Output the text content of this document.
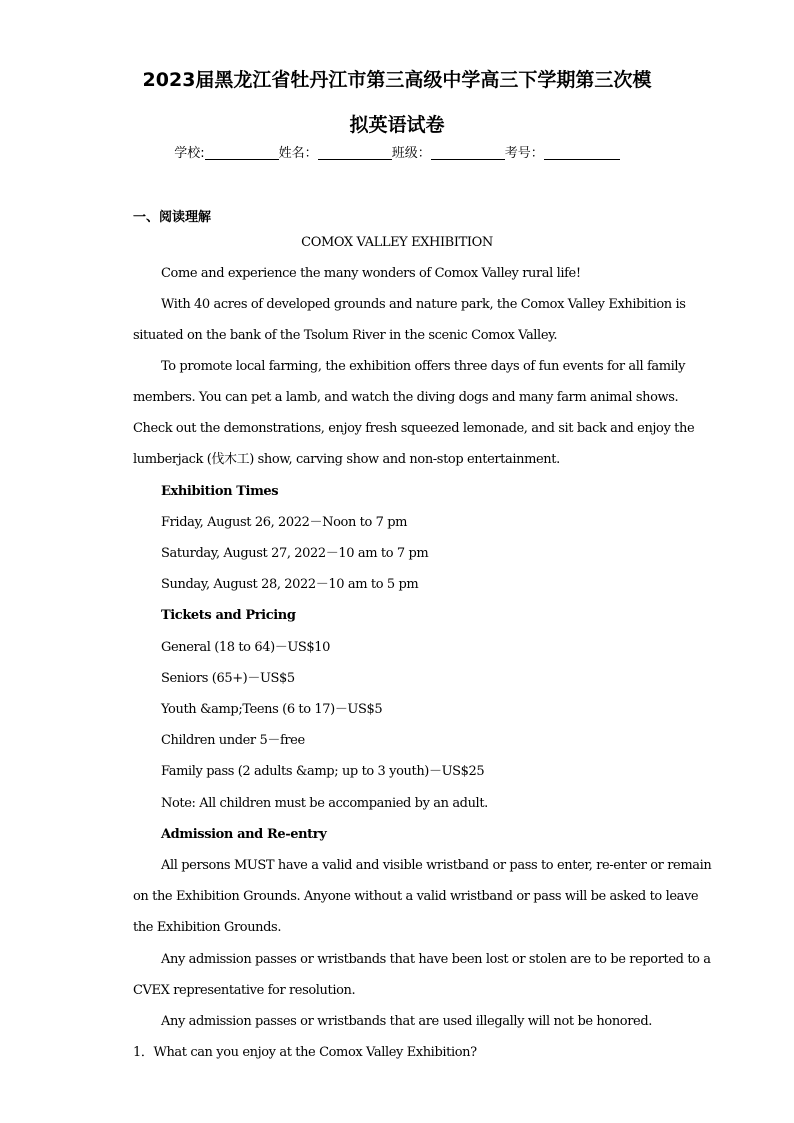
2023届黑龙江省牡丹江市第三高级中学高三下学期第三次模
拟英语试卷
学校:	姓名：	班级：	考号：
一、阅读理解
COMOX VALLEY EXHIBITION
Come and experience the many wonders of Comox Valley rural life!
With 40 acres of developed grounds and nature park, the Comox Valley Exhibition is
situated on the bank of the Tsolum River in the scenic Comox Valley.
To promote local farming, the exhibition offers three days of fun events for all family
members. You can pet a lamb, and watch the diving dogs and many farm animal shows.
Check out the demonstrations, enjoy fresh squeezed lemonade, and sit back and enjoy the
lumberjack (伐木工) show, carving show and non-stop entertainment.
Exhibition Times
Friday, August 26, 2022－Noon to 7 pm
Saturday, August 27, 2022－10 am to 7 pm
Sunday, August 28, 2022－10 am to 5 pm
Tickets and Pricing
General (18 to 64)－US$10
Seniors (65+)－US$5
Youth &amp;Teens (6 to 17)－US$5
Children under 5－free
Family pass (2 adults &amp; up to 3 youth)－US$25
Note: All children must be accompanied by an adult.
Admission and Re-entry
All persons MUST have a valid and visible wristband or pass to enter, re-enter or remain
on the Exhibition Grounds. Anyone without a valid wristband or pass will be asked to leave
the Exhibition Grounds.
Any admission passes or wristbands that have been lost or stolen are to be reported to a
CVEX representative for resolution.
Any admission passes or wristbands that are used illegally will not be honored.
1．What can you enjoy at the Comox Valley Exhibition?
